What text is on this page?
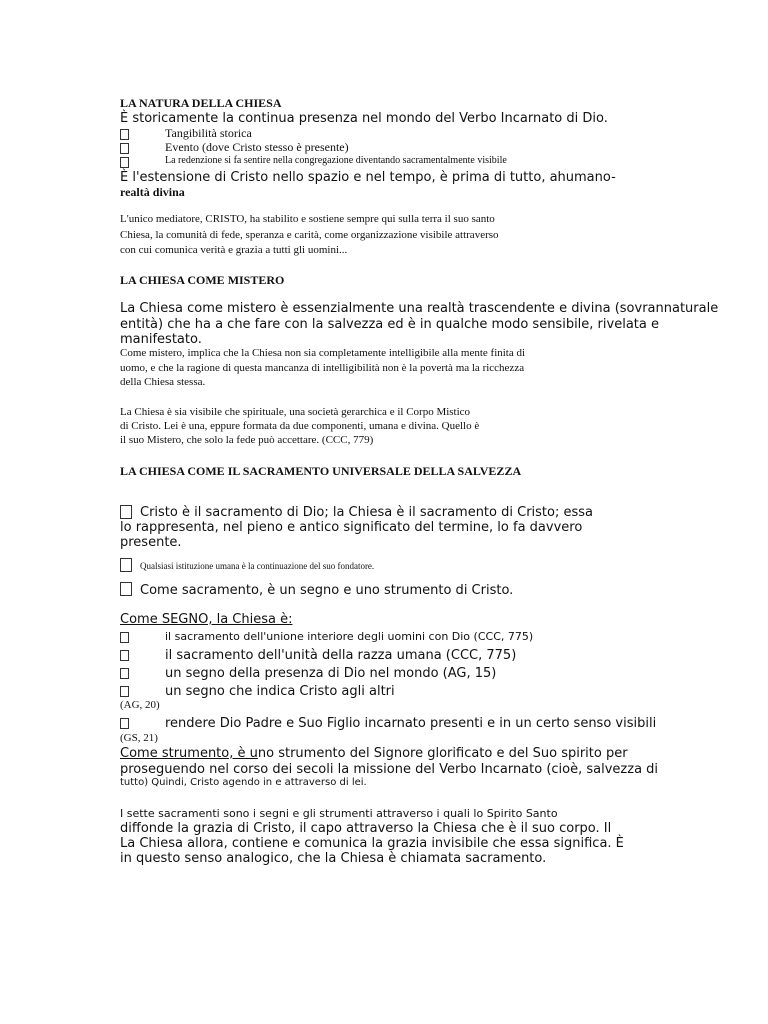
LA NATURA DELLA CHIESA
È storicamente la continua presenza nel mondo del Verbo Incarnato di Dio.
Tangibilità storica
Evento (dove Cristo stesso è presente)
La redenzione si fa sentire nella congregazione diventando sacramentalmente visibile
È l'estensione di Cristo nello spazio e nel tempo, è prima di tutto, ahumano-
realtà divina
L'unico mediatore, CRISTO, ha stabilito e sostiene sempre qui sulla terra il suo santo
Chiesa, la comunità di fede, speranza e carità, come organizzazione visibile attraverso
con cui comunica verità e grazia a tutti gli uomini...
LA CHIESA COME MISTERO
La Chiesa come mistero è essenzialmente una realtà trascendente e divina (sovrannaturale
entità) che ha a che fare con la salvezza ed è in qualche modo sensibile, rivelata e
manifestato.
Come mistero, implica che la Chiesa non sia completamente intelligibile alla mente finita di
uomo, e che la ragione di questa mancanza di intelligibilità non è la povertà ma la ricchezza
della Chiesa stessa.
La Chiesa è sia visibile che spirituale, una società gerarchica e il Corpo Mistico
di Cristo. Lei è una, eppure formata da due componenti, umana e divina. Quello è
il suo Mistero, che solo la fede può accettare. (CCC, 779)
LA CHIESA COME IL SACRAMENTO UNIVERSALE DELLA SALVEZZA
Cristo è il sacramento di Dio; la Chiesa è il sacramento di Cristo; essa
lo rappresenta, nel pieno e antico significato del termine, lo fa davvero
presente.
Qualsiasi istituzione umana è la continuazione del suo fondatore.
Come sacramento, è un segno e uno strumento di Cristo.
Come SEGNO, la Chiesa è:
il sacramento dell'unione interiore degli uomini con Dio (CCC, 775)
il sacramento dell'unità della razza umana (CCC, 775)
un segno della presenza di Dio nel mondo (AG, 15)
un segno che indica Cristo agli altri
(AG, 20)
rendere Dio Padre e Suo Figlio incarnato presenti e in un certo senso visibili
(GS, 21)
Come strumento, è uno strumento del Signore glorificato e del Suo spirito per
proseguendo nel corso dei secoli la missione del Verbo Incarnato (cioè, salvezza di
tutto) Quindi, Cristo agendo in e attraverso di lei.
I sette sacramenti sono i segni e gli strumenti attraverso i quali lo Spirito Santo
diffonde la grazia di Cristo, il capo attraverso la Chiesa che è il suo corpo. Il
La Chiesa allora, contiene e comunica la grazia invisibile che essa significa. È
in questo senso analogico, che la Chiesa è chiamata sacramento.
